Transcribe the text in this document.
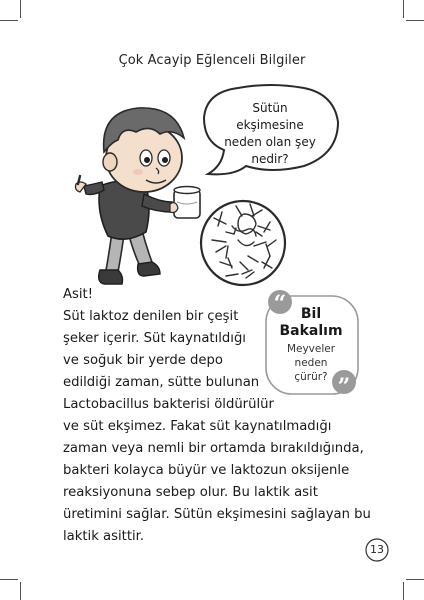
Çok Acayip Eğlenceli Bilgiler
“
”
Sütün
ekşimesine
neden olan şey
nedir?
Bil
Bakalım
Meyveler
neden
çürür?
Asit!
Süt laktoz denilen bir çeşit
şeker içerir. Süt kaynatıldığı
ve soğuk bir yerde depo
edildiği zaman, sütte bulunan
Lactobacillus bakterisi öldürülür
ve süt ekşimez. Fakat süt kaynatılmadığı
zaman veya nemli bir ortamda bırakıldığında,
bakteri kolayca büyür ve laktozun oksijenle
reaksiyonuna sebep olur. Bu laktik asit
üretimini sağlar. Sütün ekşimesini sağlayan bu
laktik asittir.
13
